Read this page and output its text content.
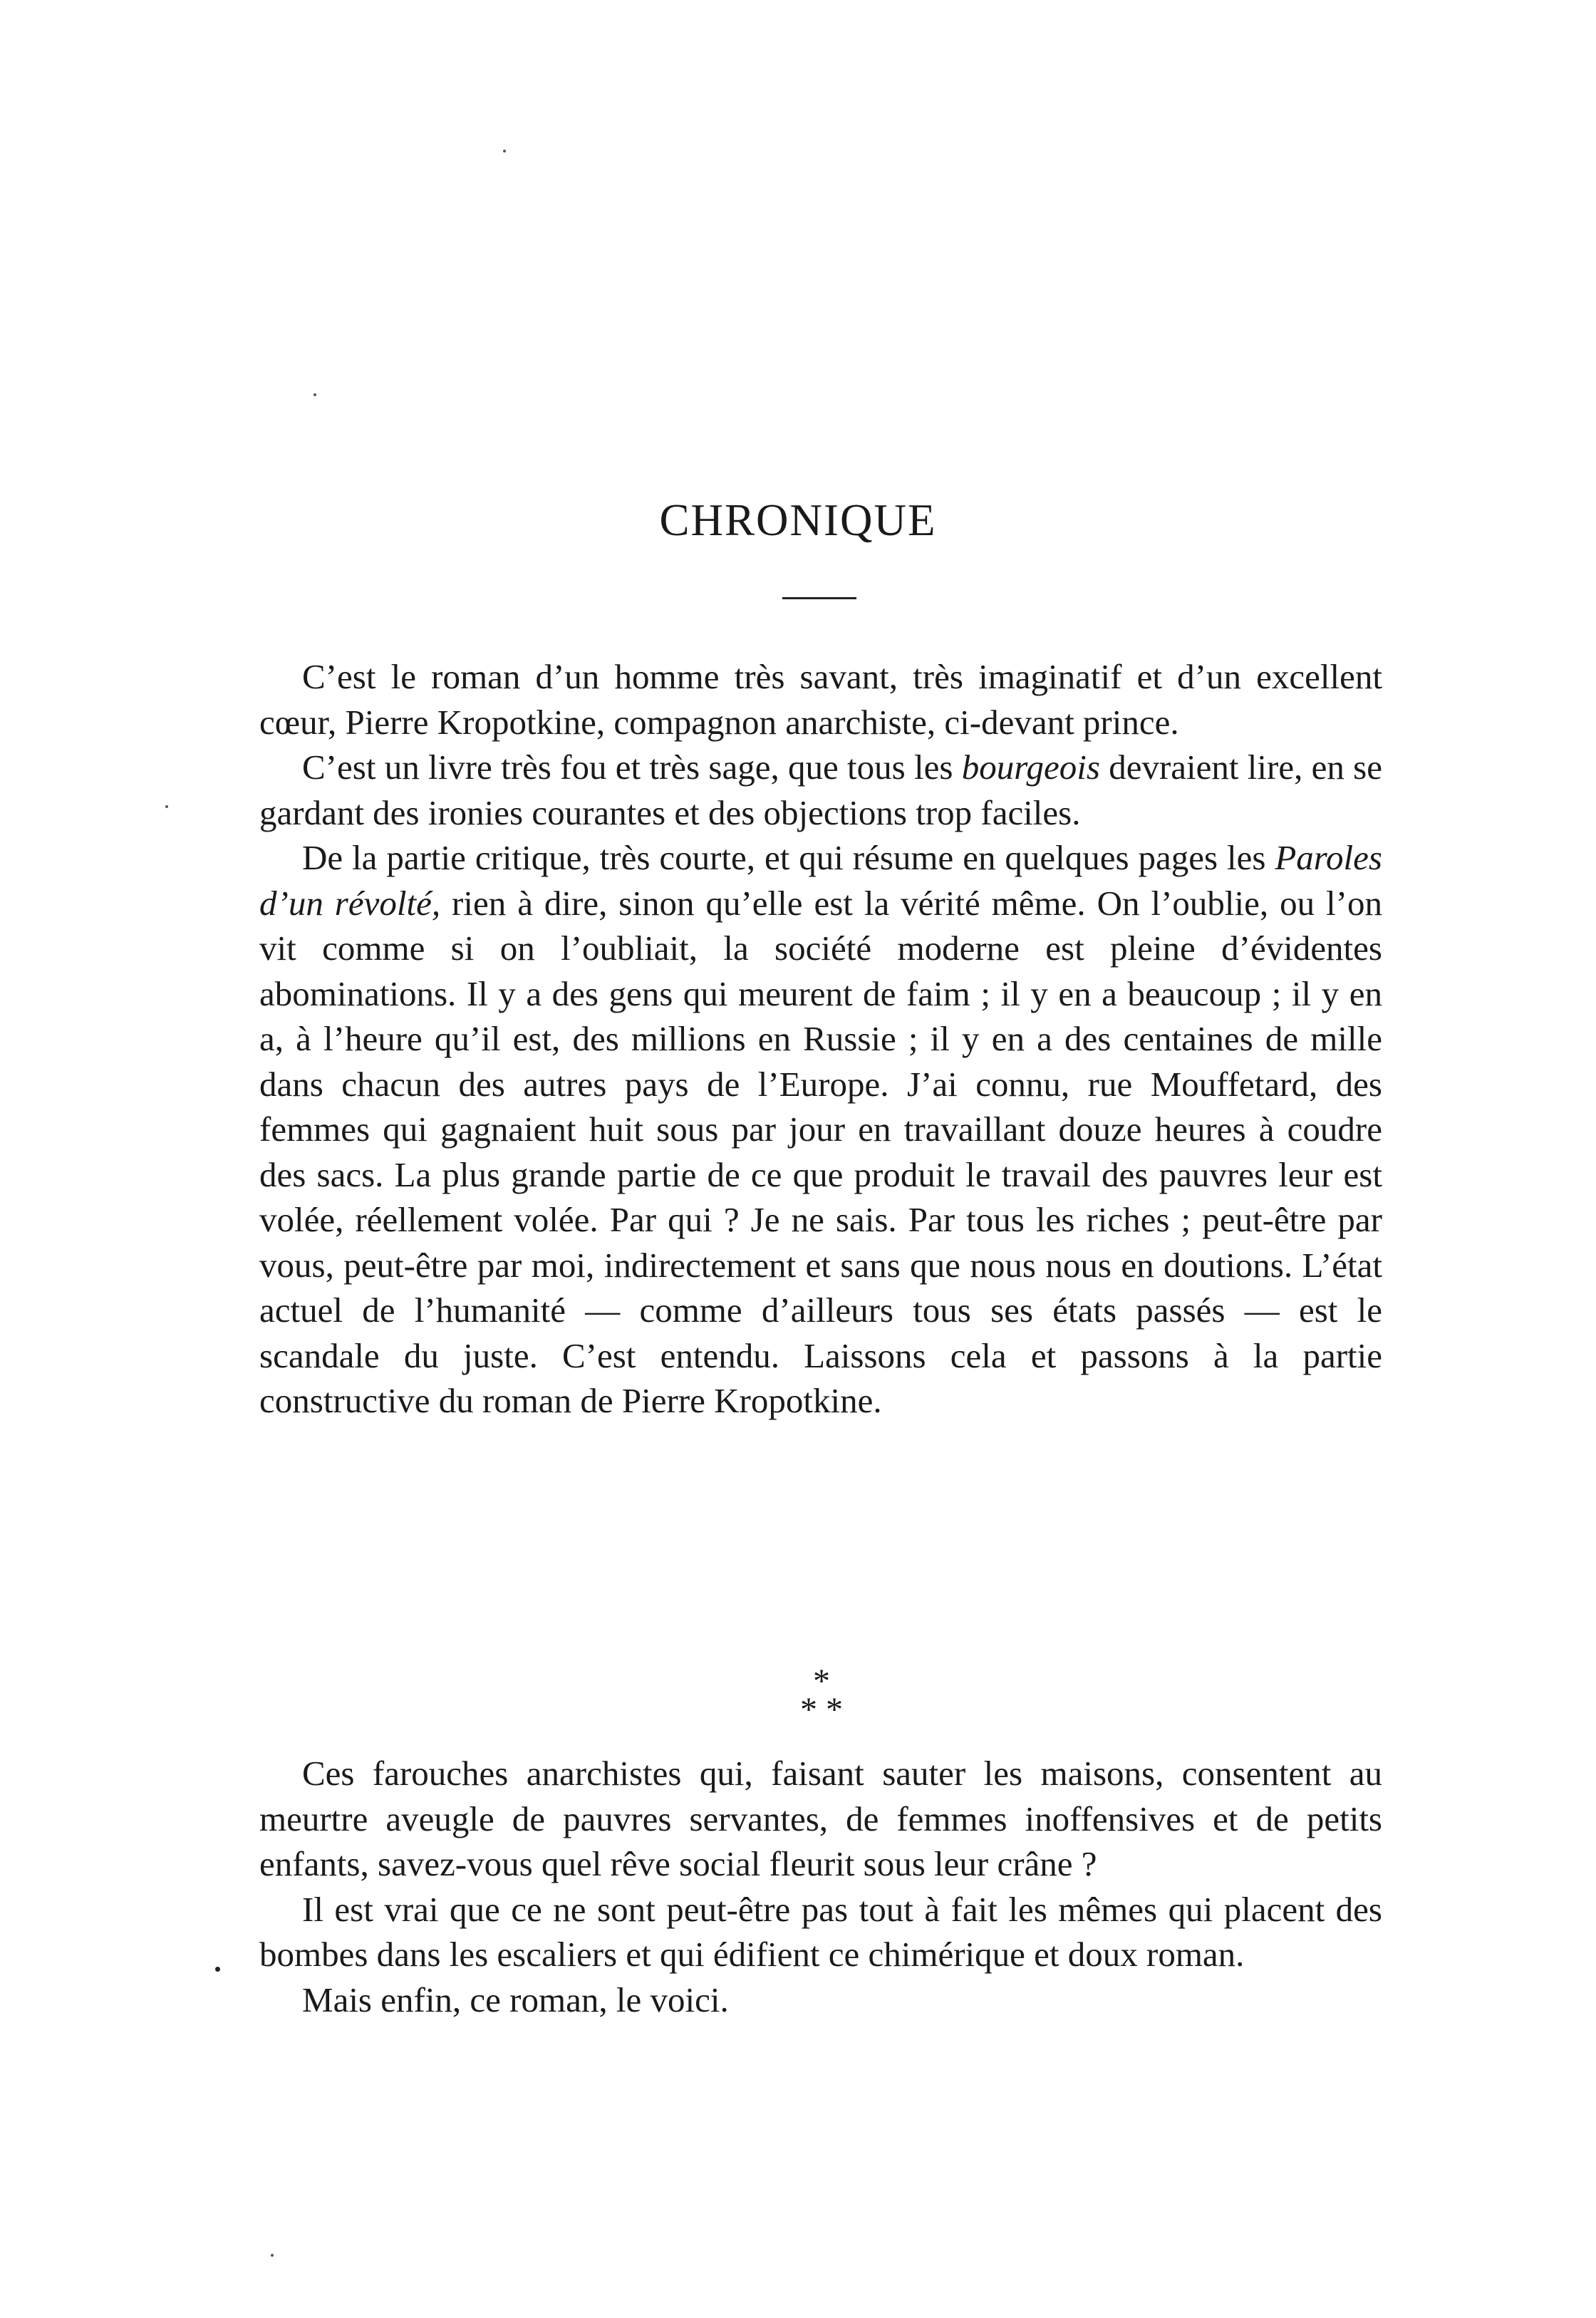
CHRONIQUE

C’est le roman d’un homme très savant, très imaginatif et d’un excellent cœur, Pierre Kropotkine, compagnon anarchiste, ci-devant prince.

C’est un livre très fou et très sage, que tous les bourgeois devraient lire, en se gardant des ironies courantes et des objections trop faciles.

De la partie critique, très courte, et qui résume en quelques pages les Paroles d’un révolté, rien à dire, sinon qu’elle est la vérité même. On l’oublie, ou l’on vit comme si on l’oubliait, la société moderne est pleine d’évidentes abominations. Il y a des gens qui meurent de faim ; il y en a beaucoup ; il y en a, à l’heure qu’il est, des millions en Russie ; il y en a des centaines de mille dans chacun des autres pays de l’Europe. J’ai connu, rue Mouffetard, des femmes qui gagnaient huit sous par jour en travaillant douze heures à coudre des sacs. La plus grande partie de ce que produit le travail des pauvres leur est volée, réellement volée. Par qui ? Je ne sais. Par tous les riches ; peut-être par vous, peut-être par moi, indirectement et sans que nous nous en doutions. L’état actuel de l’humanité — comme d’ailleurs tous ses états passés — est le scandale du juste. C’est entendu. Laissons cela et passons à la partie constructive du roman de Pierre Kropotkine.

*
* *

Ces farouches anarchistes qui, faisant sauter les maisons, consentent au meurtre aveugle de pauvres servantes, de femmes inoffensives et de petits enfants, savez-vous quel rêve social fleurit sous leur crâne ?

Il est vrai que ce ne sont peut-être pas tout à fait les mêmes qui placent des bombes dans les escaliers et qui édifient ce chimérique et doux roman.

Mais enfin, ce roman, le voici.
